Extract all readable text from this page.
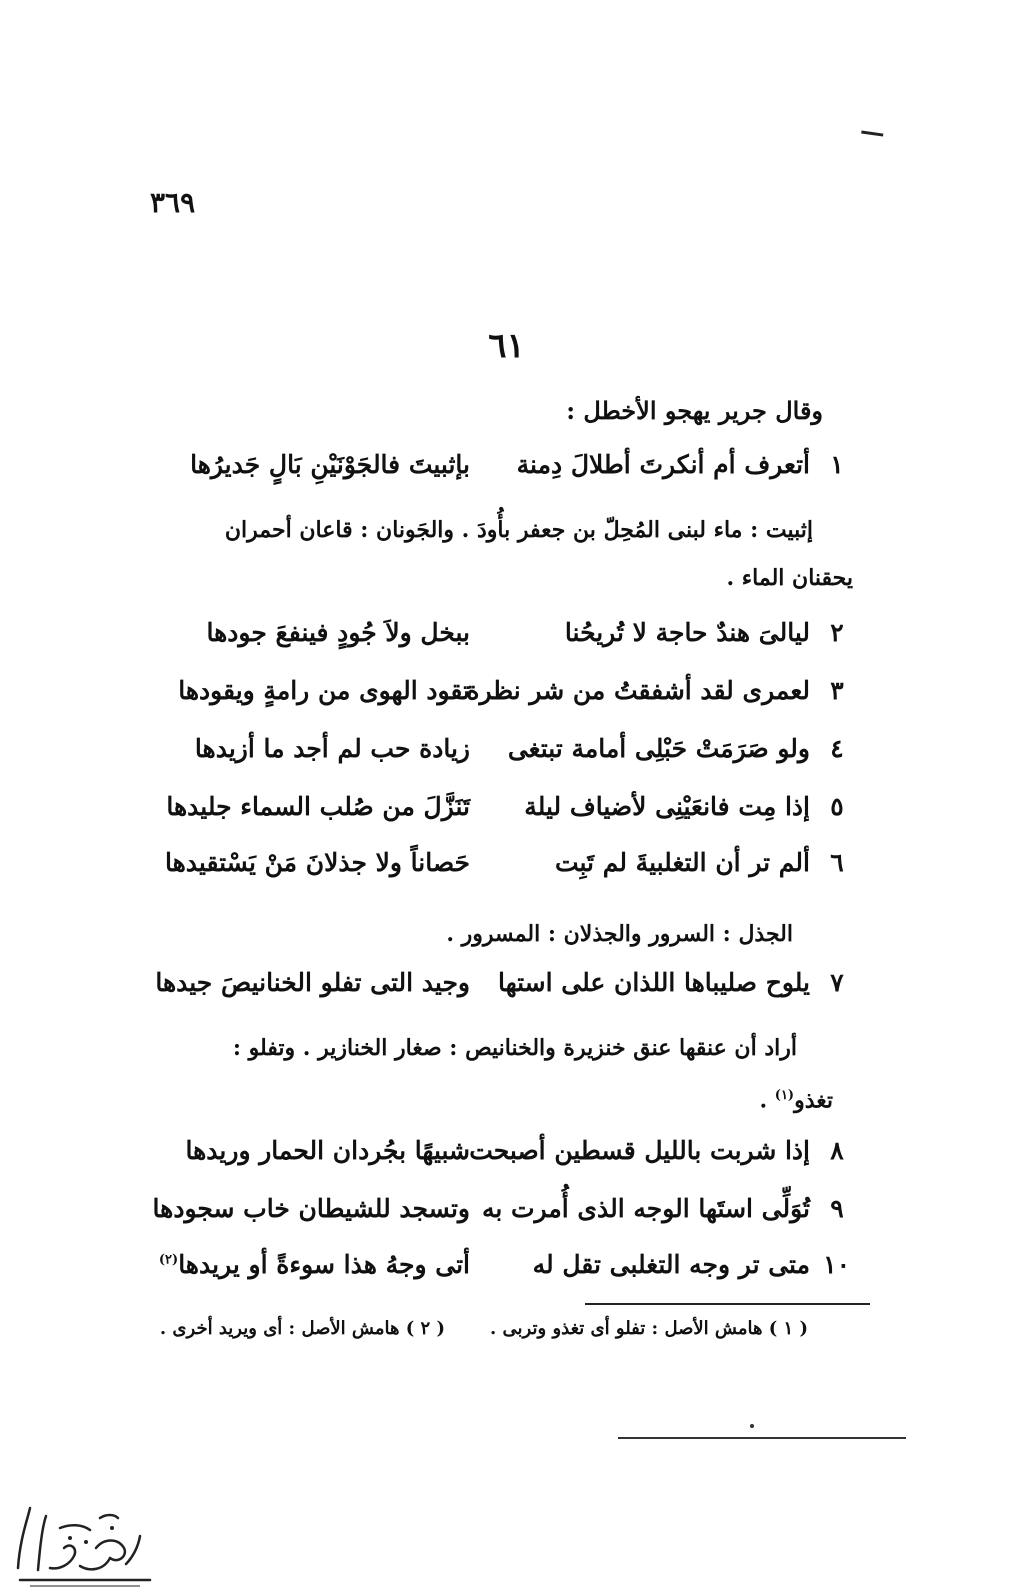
٣٦٩
٦١
وقال جرير يهجو الأخطل :
١
أتعرف أم أنكرتَ أطلالَ دِمنة
بإثبيتَ فالجَوْنَيْنِ بَالٍ جَديرُها
إثبيت : ماء لبنى المُحِلّ بن جعفر بأُودَ . والجَونان : قاعان أحمران
يحقنان الماء .
٢
ليالىَ هندٌ حاجة لا تُريحُنا
ببخل ولاَ جُودٍ فينفعَ جودها
٣
لعمرى لقد أشفقتُ من شر نظرة
تقود الهوى من رامةٍ ويقودها
٤
ولو صَرَمَتْ حَبْلِى أمامة تبتغى
زيادة حب لم أجد ما أزيدها
٥
إذا مِت فانعَيْنِى لأضياف ليلة
تَنَزَّلَ من صُلب السماء جليدها
٦
ألم تر أن التغلبيةَ لم تَبِت
حَصاناً ولا جذلانَ مَنْ يَسْتقيدها
الجذل : السرور والجذلان : المسرور .
٧
يلوح صليباها اللذان على استها
وجيد التى تفلو الخنانيصَ جيدها
أراد أن عنقها عنق خنزيرة والخنانيص : صغار الخنازير . وتفلو :
تغذو$^{(١)}$ .
٨
إذا شربت بالليل قسطين أصبحت
شبيهًا بجُردان الحمار وريدها
٩
تُوَلِّى استَها الوجه الذى أُمرت به
وتسجد للشيطان خاب سجودها
١٠
متى تر وجه التغلبى تقل له
أتى وجهُ هذا سوءةً أو يريدها$^{(٢)}$
( ١ ) هامش الأصل : تفلو أى تغذو وتربى .
( ٢ ) هامش الأصل : أى ويريد أخرى .
